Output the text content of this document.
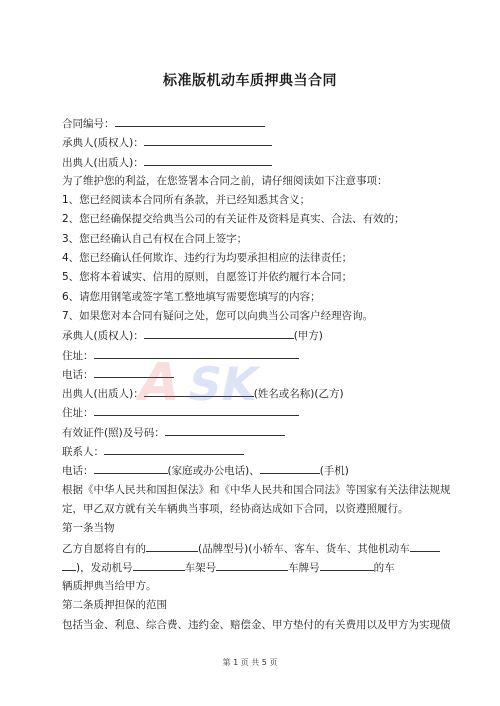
标准版机动车质押典当合同
合同编号：
承典人(质权人)：
出典人(出质人)：
为了维护您的利益，在您签署本合同之前，请仔细阅读如下注意事项：
1、您已经阅读本合同所有条款，并已经知悉其含义；
2、您已经确保提交给典当公司的有关证件及资料是真实、合法、有效的；
3、您已经确认自己有权在合同上签字；
4、您已经确认任何欺诈、违约行为均要承担相应的法律责任；
5、您将本着诚实、信用的原则，自愿签订并依约履行本合同；
6、请您用钢笔或签字笔工整地填写需要您填写的内容；
7、如果您对本合同有疑问之处，您可以向典当公司客户经理咨询。
承典人(质权人)：	(甲方)
住址：
电话：
出典人(出质人)：	(姓名或名称)(乙方)
住址：
有效证件(照)及号码：
联系人：
电话：	(家庭或办公电话)、	(手机)
根据《中华人民共和国担保法》和《中华人民共和国合同法》等国家有关法律法规规
定，甲乙双方就有关车辆典当事项，经协商达成如下合同，以资遵照履行。
第一条当物
乙方自愿将自有的	(品牌型号)(小轿车、客车、货车、其他机动车
)，发动机号	车架号	车牌号	的车
辆质押典当给甲方。
第二条质押担保的范围
包括当金、利息、综合费、违约金、赔偿金、甲方垫付的有关费用以及甲方为实现债
A
SK
第 1 页 共 5 页
